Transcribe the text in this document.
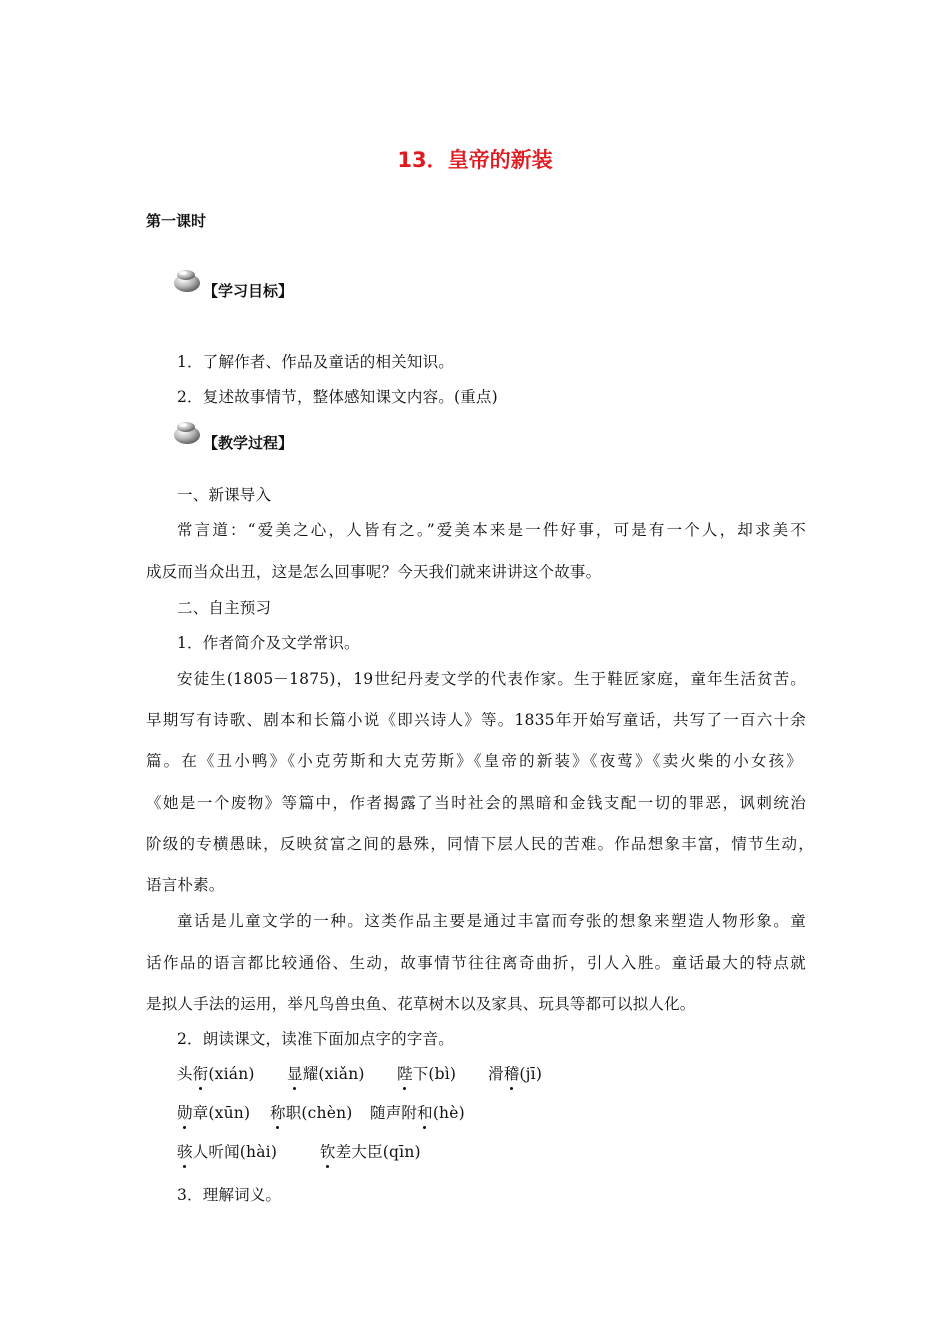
13．皇帝的新装
第一课时
【学习目标】
1．了解作者、作品及童话的相关知识。
2．复述故事情节，整体感知课文内容。(重点)
【教学过程】
一、新课导入
常言道：“爱美之心，人皆有之。”爱美本来是一件好事，可是有一个人，却求美不
成反而当众出丑，这是怎么回事呢？今天我们就来讲讲这个故事。
二、自主预习
1．作者简介及文学常识。
安徒生(1805－1875)，19世纪丹麦文学的代表作家。生于鞋匠家庭，童年生活贫苦。
早期写有诗歌、剧本和长篇小说《即兴诗人》等。1835年开始写童话，共写了一百六十余
篇。在《丑小鸭》《小克劳斯和大克劳斯》《皇帝的新装》《夜莺》《卖火柴的小女孩》
《她是一个废物》等篇中，作者揭露了当时社会的黑暗和金钱支配一切的罪恶，讽刺统治
阶级的专横愚昧，反映贫富之间的悬殊，同情下层人民的苦难。作品想象丰富，情节生动，
语言朴素。
童话是儿童文学的一种。这类作品主要是通过丰富而夸张的想象来塑造人物形象。童
话作品的语言都比较通俗、生动，故事情节往往离奇曲折，引人入胜。童话最大的特点就
是拟人手法的运用，举凡鸟兽虫鱼、花草树木以及家具、玩具等都可以拟人化。
2．朗读课文，读准下面加点字的字音。
头衔(xián) 显耀(xiǎn) 陛下(bì) 滑稽(jī)
勋章(xūn) 称职(chèn) 随声附和(hè)
骇人听闻(hài)	钦差大臣(qīn)
3．理解词义。
